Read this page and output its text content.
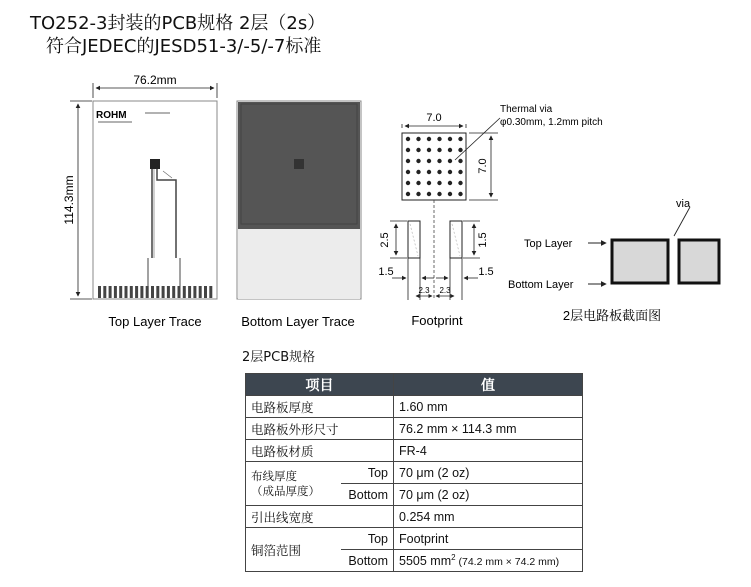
TO252-3封装的PCB规格 2层（2s）
符合JEDEC的JESD51-3/-5/-7标准
76.2mm
114.3mm
ROHM
Top Layer Trace	Bottom Layer Trace
7.0
7.0
Thermal via
φ0.30mm, 1.2mm pitch
2.5	1.5
1.5	1.5
2.3 2.3
Footprint
via
Top Layer
Bottom Layer
2层电路板截面图
2层PCB规格
项目		值
电路板厚度		1.60 mm
电路板外形尺寸		76.2 mm × 114.3 mm
电路板材质		FR-4

布线厚度
（成品厚度）	Top	70 μm (2 oz)
	Bottom	70 μm (2 oz)
引出线宽度		0.254 mm
铜箔范围	Top	Footprint
	Bottom	5505 $mm^2$ (74.2 mm × 74.2 mm)
